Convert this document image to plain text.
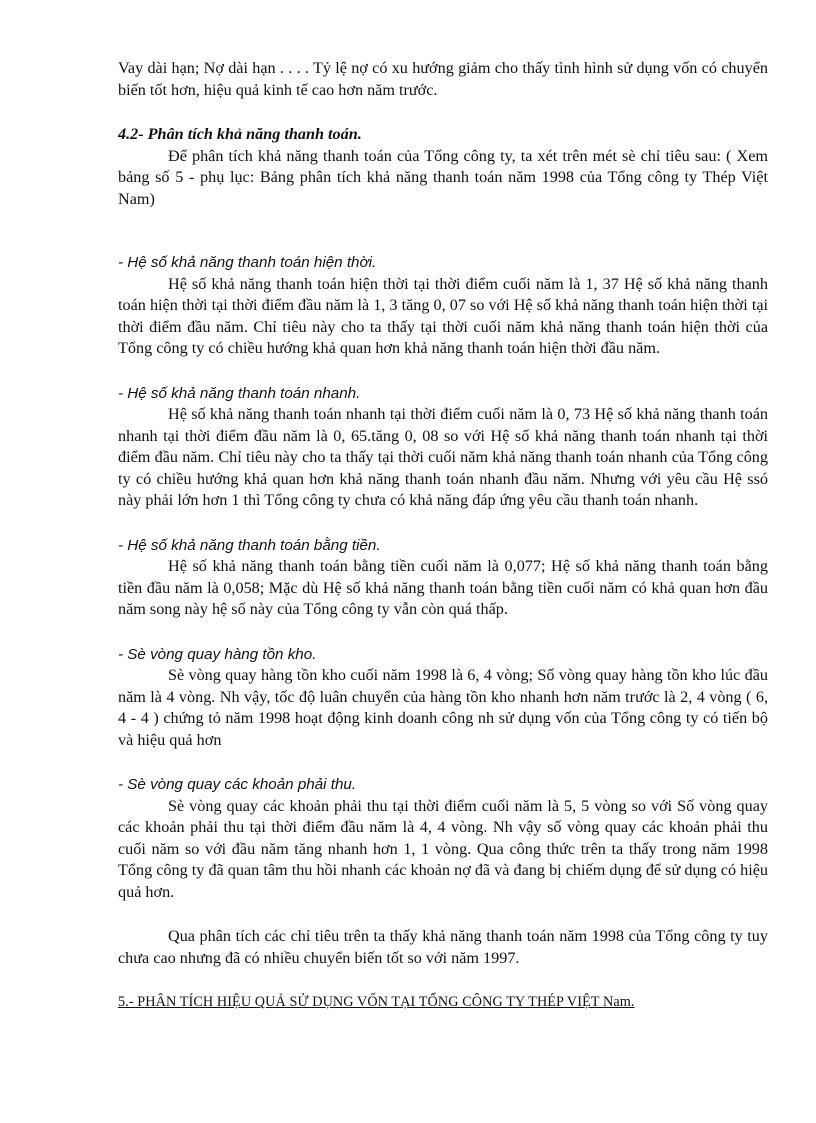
Vay dài hạn; Nợ dài hạn . . . . Tỷ lệ nợ có xu hướng giảm cho thấy tình hình sử dụng vốn có chuyển biến tốt hơn, hiệu quả kinh tế cao hơn năm trước.

4.2- Phân tích khả năng thanh toán.

Để phân tích khả năng thanh toán của Tổng công ty, ta xét trên mét sè chỉ tiêu sau: ( Xem bảng số 5 - phụ lục: Bảng phân tích khả năng thanh toán năm 1998 của Tổng công ty Thép Việt Nam)

- Hệ số khả năng thanh toán hiện thời.

Hệ số khả năng thanh toán hiện thời tại thời điểm cuối năm là 1, 37 Hệ số khả năng thanh toán hiện thời tại thời điểm đầu năm là 1, 3 tăng 0, 07 so với Hệ số khả năng thanh toán hiện thời tại thời điểm đầu năm. Chỉ tiêu này cho ta thấy tại thời cuối năm khả năng thanh toán hiện thời của Tổng công ty có chiều hướng khả quan hơn khả năng thanh toán hiện thời đầu năm.

- Hệ số khả năng thanh toán nhanh.

Hệ số khả năng thanh toán nhanh tại thời điểm cuối năm là 0, 73 Hệ số khả năng thanh toán nhanh tại thời điểm đầu năm là 0, 65.tăng 0, 08 so với Hệ số khả năng thanh toán nhanh tại thời điểm đầu năm. Chỉ tiêu này cho ta thấy tại thời cuối năm khả năng thanh toán nhanh của Tổng công ty có chiều hướng khả quan hơn khả năng thanh toán nhanh đầu năm. Nhưng với yêu cầu Hệ ssó này phải lớn hơn 1 thì Tổng công ty chưa có khả năng đáp ứng yêu cầu thanh toán nhanh.

- Hệ số khả năng thanh toán bằng tiền.

Hệ số khả năng thanh toán bằng tiền cuối năm là 0,077; Hệ số khả năng thanh toán bằng tiền đầu năm là 0,058; Mặc dù Hệ số khả năng thanh toán bằng tiền cuối năm có khả quan hơn đầu năm song này hệ số này của Tổng công ty vẫn còn quá thấp.

- Sè vòng quay hàng tồn kho.

Sè vòng quay hàng tồn kho cuối năm 1998 là 6, 4 vòng; Số vòng quay hàng tồn kho lúc đầu năm là 4 vòng. Nh vậy, tốc độ luân chuyển của hàng tồn kho nhanh hơn năm trước là 2, 4 vòng ( 6, 4 - 4 ) chứng tỏ năm 1998 hoạt động kinh doanh công nh sử dụng vốn của Tổng công ty có tiến bộ và hiệu quả hơn

- Sè vòng quay các khoản phải thu.

Sè vòng quay các khoản phải thu tại thời điểm cuối năm là 5, 5 vòng so với Số vòng quay các khoản phải thu tại thời điểm đầu năm là 4, 4 vòng. Nh vậy số vòng quay các khoản phải thu cuối năm so với đầu năm tăng nhanh hơn 1, 1 vòng. Qua công thức trên ta thấy trong năm 1998 Tổng công ty đã quan tâm thu hồi nhanh các khoản nợ đã và đang bị chiếm dụng để sử dụng có hiệu quả hơn.

Qua phân tích các chỉ tiêu trên ta thấy khả năng thanh toán năm 1998 của Tổng công ty tuy chưa cao nhưng đã có nhiều chuyển biến tốt so với năm 1997.

5.- PHÂN TÍCH HIỆU QUẢ SỬ DỤNG VỐN TẠI TỔNG CÔNG TY THÉP VIỆT Nam.
